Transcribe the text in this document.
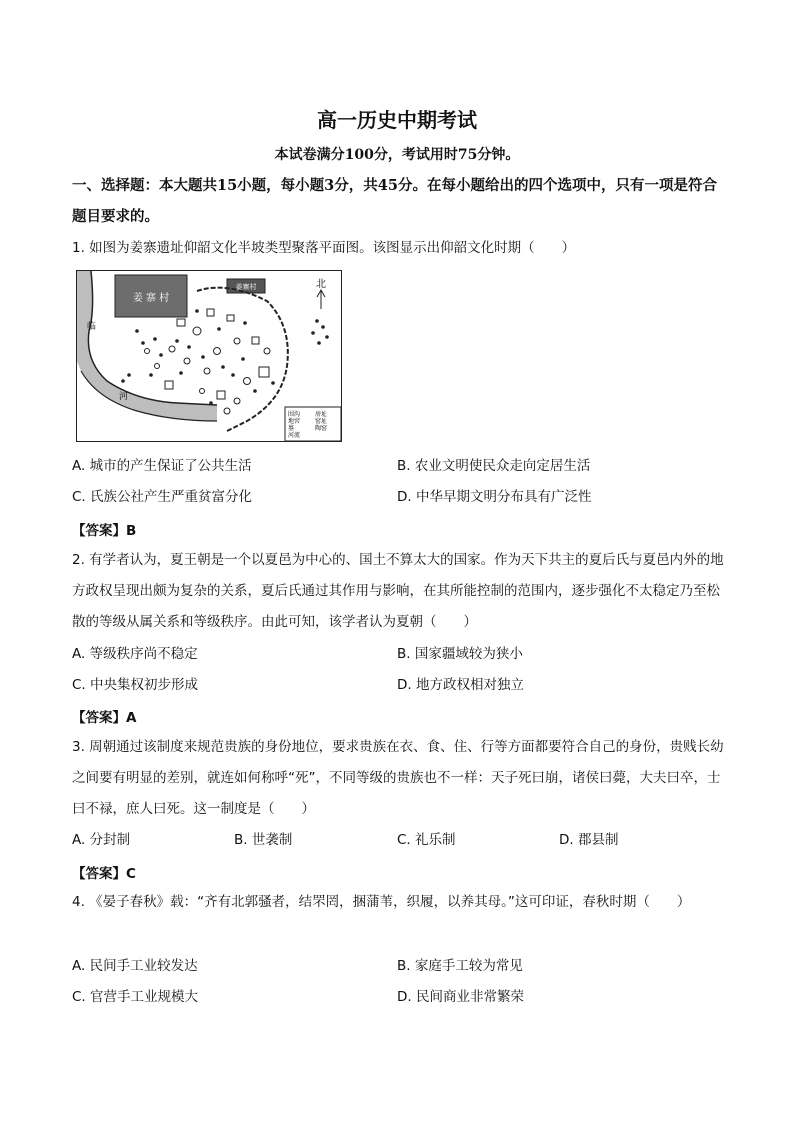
高一历史中期考试
本试卷满分100分，考试用时75分钟。
一、选择题：本大题共15小题，每小题3分，共45分。在每小题给出的四个选项中，只有一项是符合题目要求的。
1. 如图为姜寨遗址仰韶文化半坡类型聚落平面图。该图显示出仰韶文化时期（　　）
姜 寨 村
姜寨村	北
临
河
围沟
地窖
墓
河流
房址
窑址
陶窑
A. 城市的产生保证了公共生活	B. 农业文明使民众走向定居生活
C. 氏族公社产生严重贫富分化	D. 中华早期文明分布具有广泛性
【答案】B
2. 有学者认为，夏王朝是一个以夏邑为中心的、国土不算太大的国家。作为天下共主的夏后氏与夏邑内外的地方政权呈现出颇为复杂的关系，夏后氏通过其作用与影响，在其所能控制的范围内，逐步强化不太稳定乃至松散的等级从属关系和等级秩序。由此可知，该学者认为夏朝（　　）
A. 等级秩序尚不稳定	B. 国家疆域较为狭小
C. 中央集权初步形成	D. 地方政权相对独立
【答案】A
3. 周朝通过该制度来规范贵族的身份地位，要求贵族在衣、食、住、行等方面都要符合自己的身份，贵贱长幼之间要有明显的差别，就连如何称呼“死”，不同等级的贵族也不一样：天子死曰崩，诸侯曰薨，大夫曰卒，士曰不禄，庶人曰死。这一制度是（　　）
A. 分封制	B. 世袭制	C. 礼乐制	D. 郡县制
【答案】C
4. 《晏子春秋》载：“齐有北郭骚者，结罘罔，捆蒲苇，织履，以养其母。”这可印证，春秋时期（　　）
A. 民间手工业较发达	B. 家庭手工较为常见
C. 官营手工业规模大	D. 民间商业非常繁荣
